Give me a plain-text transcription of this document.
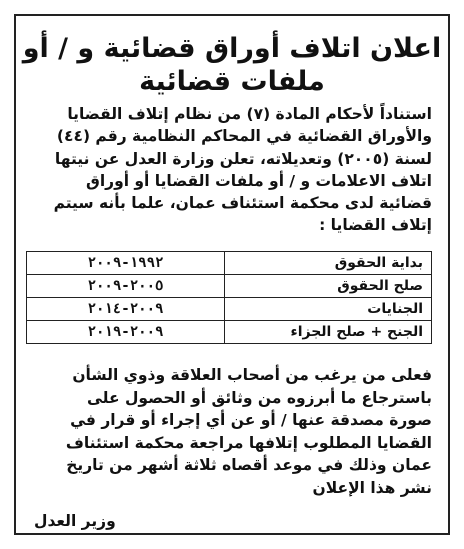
اعلان اتلاف أوراق قضائية و / أو
ملفات قضائية
استناداً لأحكام المادة (٧) من نظام إتلاف القضايا
والأوراق القضائية في المحاكم النظامية رقم (٤٤)
لسنة (٢٠٠٥) وتعديلاته، تعلن وزارة العدل عن نيتها
اتلاف الاعلامات و / أو ملفات القضايا أو أوراق
قضائية لدى محكمة استئناف عمان، علما بأنه سيتم
إتلاف القضايا :
بداية الحقوق	١٩٩٢-٢٠٠٩
صلح الحقوق	٢٠٠٥-٢٠٠٩
الجنايات	٢٠٠٩-٢٠١٤
الجنح + صلح الجزاء	٢٠٠٩-٢٠١٩
فعلى من يرغب من أصحاب العلاقة وذوي الشأن
باسترجاع ما أبرزوه من وثائق أو الحصول على
صورة مصدقة عنها / أو عن أي إجراء أو قرار في
القضايا المطلوب إتلافها مراجعة محكمة استئناف
عمان وذلك في موعد أقصاه ثلاثة أشهر من تاريخ
نشر هذا الإعلان
وزير العدل
